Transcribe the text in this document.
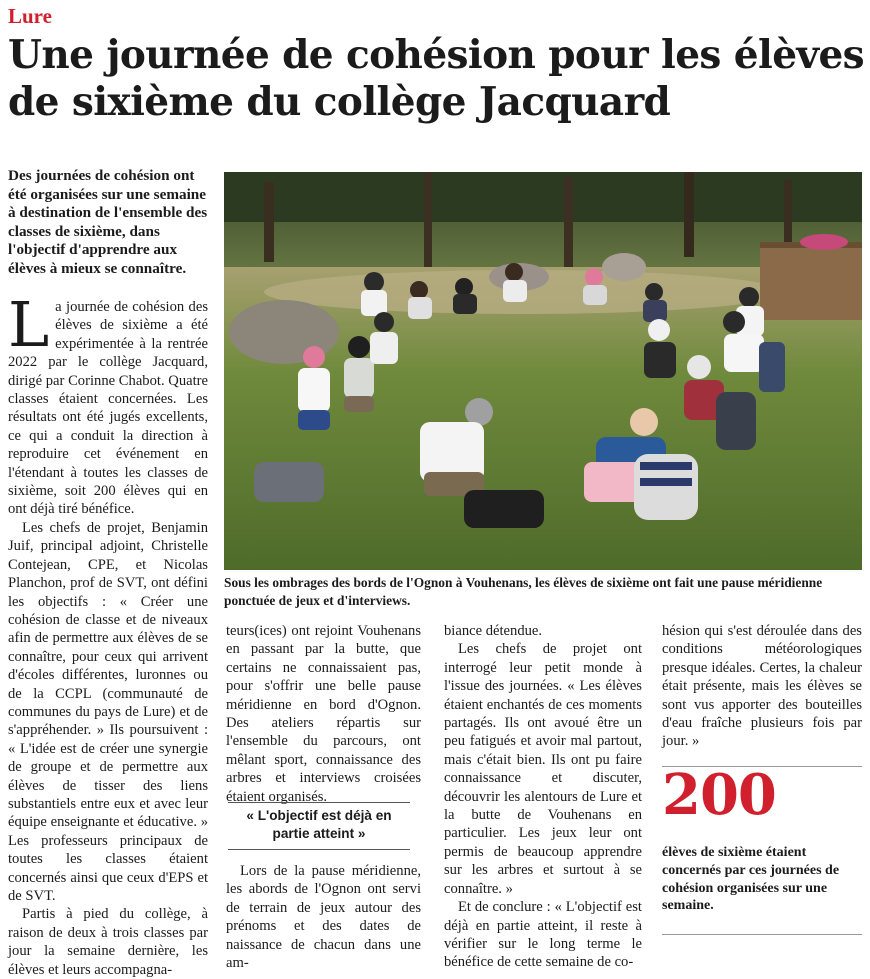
Lure
Une journée de cohésion pour les élèves de sixième du collège Jacquard
Des journées de cohésion ont été organisées sur une semaine à destination de l'ensemble des classes de sixième, dans l'objectif d'apprendre aux élèves à mieux se connaître.

La journée de cohésion des élèves de sixième a été expérimentée à la rentrée 2022 par le collège Jacquard, dirigé par Corinne Chabot. Quatre classes étaient concernées. Les résultats ont été jugés excellents, ce qui a conduit la direction à reproduire cet événement en l'étendant à toutes les classes de sixième, soit 200 élèves qui en ont déjà tiré bénéfice.

Les chefs de projet, Benjamin Juif, principal adjoint, Christelle Contejean, CPE, et Nicolas Planchon, prof de SVT, ont défini les objectifs : « Créer une cohésion de classe et de niveaux afin de permettre aux élèves de se connaître, pour ceux qui arrivent d'écoles différentes, luronnes ou de la CCPL (communauté de communes du pays de Lure) et de s'appréhender. » Ils poursuivent : « L'idée est de créer une synergie de groupe et de permettre aux élèves de tisser des liens substantiels entre eux et avec leur équipe enseignante et éducative. » Les professeurs principaux de toutes les classes étaient concernés ainsi que ceux d'EPS et de SVT.

Partis à pied du collège, à raison de deux à trois classes par jour la semaine dernière, les élèves et leurs accompagna-

Sous les ombrages des bords de l'Ognon à Vouhenans, les élèves de sixième ont fait une pause méridienne ponctuée de jeux et d'interviews.

teurs(ices) ont rejoint Vouhenans en passant par la butte, que certains ne connaissaient pas, pour s'offrir une belle pause méridienne en bord d'Ognon. Des ateliers répartis sur l'ensemble du parcours, ont mêlant sport, connaissance des arbres et interviews croisées étaient organisés.

« L'objectif est déjà en partie atteint »

Lors de la pause méridienne, les abords de l'Ognon ont servi de terrain de jeux autour des prénoms et des dates de naissance de chacun dans une am-

biance détendue.

Les chefs de projet ont interrogé leur petit monde à l'issue des journées. « Les élèves étaient enchantés de ces moments partagés. Ils ont avoué être un peu fatigués et avoir mal partout, mais c'était bien. Ils ont pu faire connaissance et discuter, découvrir les alentours de Lure et la butte de Vouhenans en particulier. Les jeux leur ont permis de beaucoup apprendre sur les arbres et surtout à se connaître. »

Et de conclure : « L'objectif est déjà en partie atteint, il reste à vérifier sur le long terme le bénéfice de cette semaine de co-

hésion qui s'est déroulée dans des conditions météorologiques presque idéales. Certes, la chaleur était présente, mais les élèves se sont vus apporter des bouteilles d'eau fraîche plusieurs fois par jour. »

200
élèves de sixième étaient concernés par ces journées de cohésion organisées sur une semaine.
